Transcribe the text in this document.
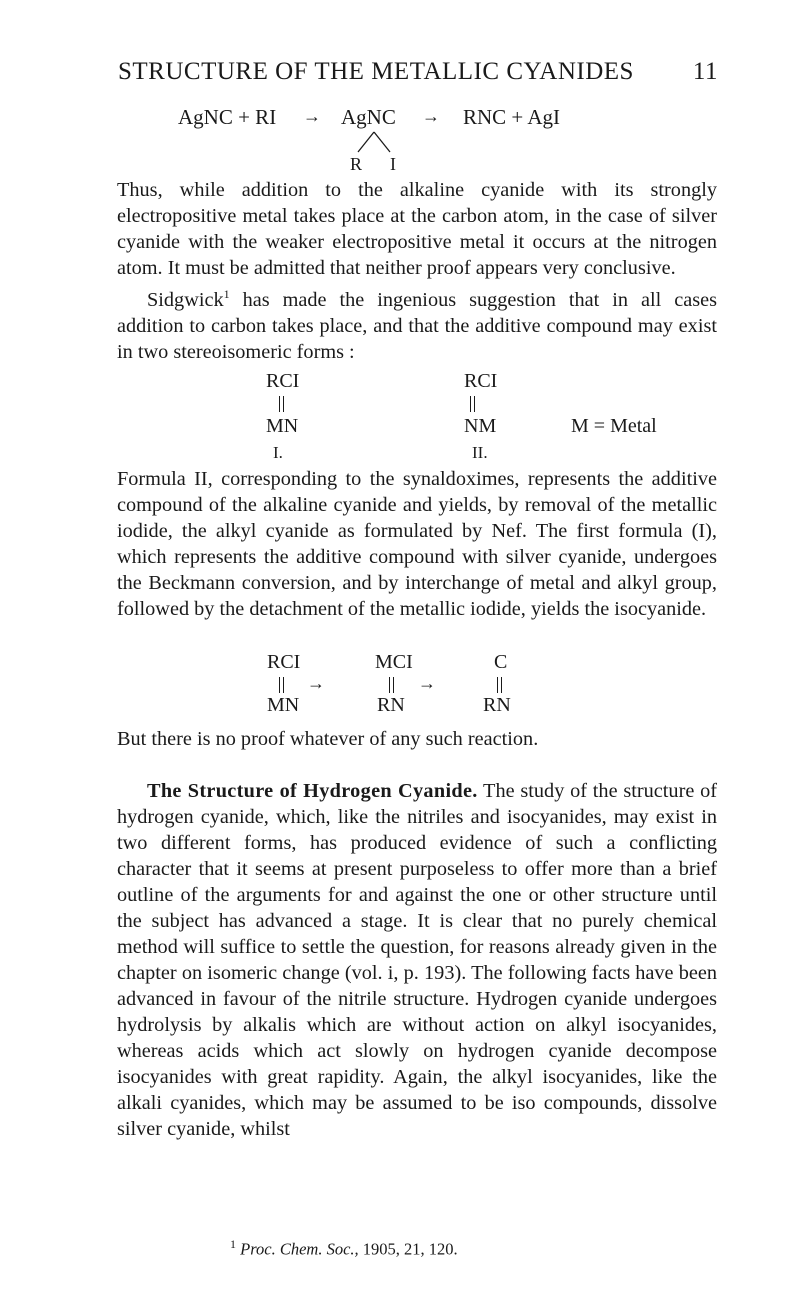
STRUCTURE OF THE METALLIC CYANIDES 11
AgNC + RI → AgNC → RNC + AgI
R I

Thus, while addition to the alkaline cyanide with its strongly electropositive metal takes place at the carbon atom, in the case of silver cyanide with the weaker electropositive metal it occurs at the nitrogen atom. It must be admitted that neither proof appears very conclusive.

Sidgwick$^1$ has made the ingenious suggestion that in all cases addition to carbon takes place, and that the additive compound may exist in two stereoisomeric forms :

RCI
MN
I.
RCI
NM
II.
M = Metal

Formula II, corresponding to the synaldoximes, represents the additive compound of the alkaline cyanide and yields, by removal of the metallic iodide, the alkyl cyanide as formulated by Nef. The first formula (I), which represents the additive compound with silver cyanide, undergoes the Beckmann conversion, and by interchange of metal and alkyl group, followed by the detachment of the metallic iodide, yields the isocyanide.

RCI
MN
→
MCI
RN
→
C
RN

But there is no proof whatever of any such reaction.

The Structure of Hydrogen Cyanide. The study of the structure of hydrogen cyanide, which, like the nitriles and isocyanides, may exist in two different forms, has produced evidence of such a conflicting character that it seems at present purposeless to offer more than a brief outline of the arguments for and against the one or other structure until the subject has advanced a stage. It is clear that no purely chemical method will suffice to settle the question, for reasons already given in the chapter on isomeric change (vol. i, p. 193). The following facts have been advanced in favour of the nitrile structure. Hydrogen cyanide undergoes hydrolysis by alkalis which are without action on alkyl isocyanides, whereas acids which act slowly on hydrogen cyanide decompose isocyanides with great rapidity. Again, the alkyl isocyanides, like the alkali cyanides, which may be assumed to be iso compounds, dissolve silver cyanide, whilst

$^1$ Proc. Chem. Soc., 1905, 21, 120.
